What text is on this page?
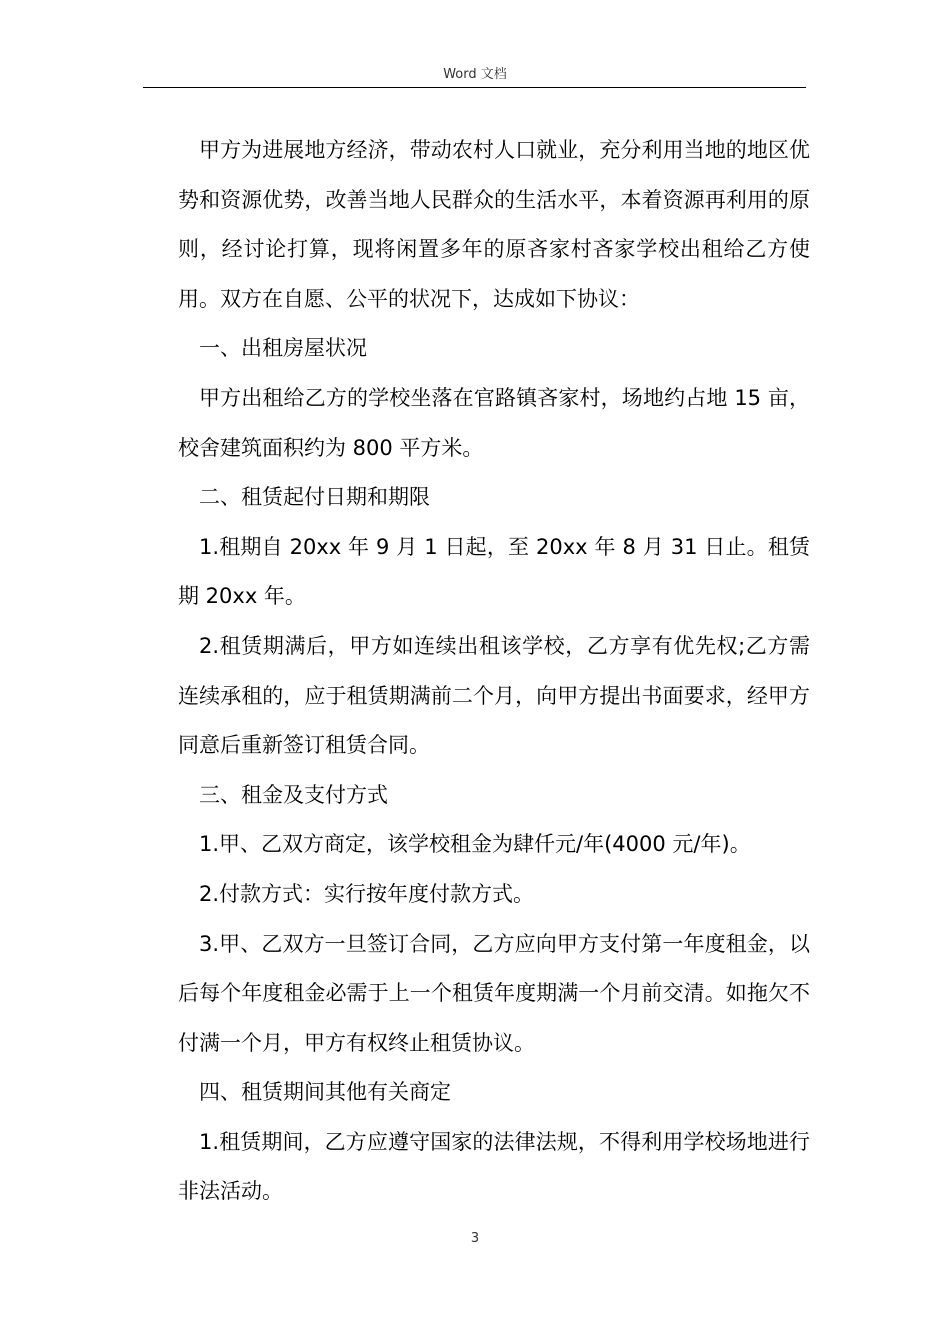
Word 文档

甲方为进展地方经济，带动农村人口就业，充分利用当地的地区优势和资源优势，改善当地人民群众的生活水平，本着资源再利用的原则，经讨论打算，现将闲置多年的原吝家村吝家学校出租给乙方使用。双方在自愿、公平的状况下，达成如下协议：

一、出租房屋状况

甲方出租给乙方的学校坐落在官路镇吝家村，场地约占地 15 亩，校舍建筑面积约为 800 平方米。

二、租赁起付日期和期限

1.租期自 20xx 年 9 月 1 日起，至 20xx 年 8 月 31 日止。租赁期 20xx 年。

2.租赁期满后，甲方如连续出租该学校，乙方享有优先权;乙方需连续承租的，应于租赁期满前二个月，向甲方提出书面要求，经甲方同意后重新签订租赁合同。

三、租金及支付方式

1.甲、乙双方商定，该学校租金为肆仟元/年(4000 元/年)。

2.付款方式：实行按年度付款方式。

3.甲、乙双方一旦签订合同，乙方应向甲方支付第一年度租金，以后每个年度租金必需于上一个租赁年度期满一个月前交清。如拖欠不付满一个月，甲方有权终止租赁协议。

四、租赁期间其他有关商定

1.租赁期间，乙方应遵守国家的法律法规，不得利用学校场地进行非法活动。

3
